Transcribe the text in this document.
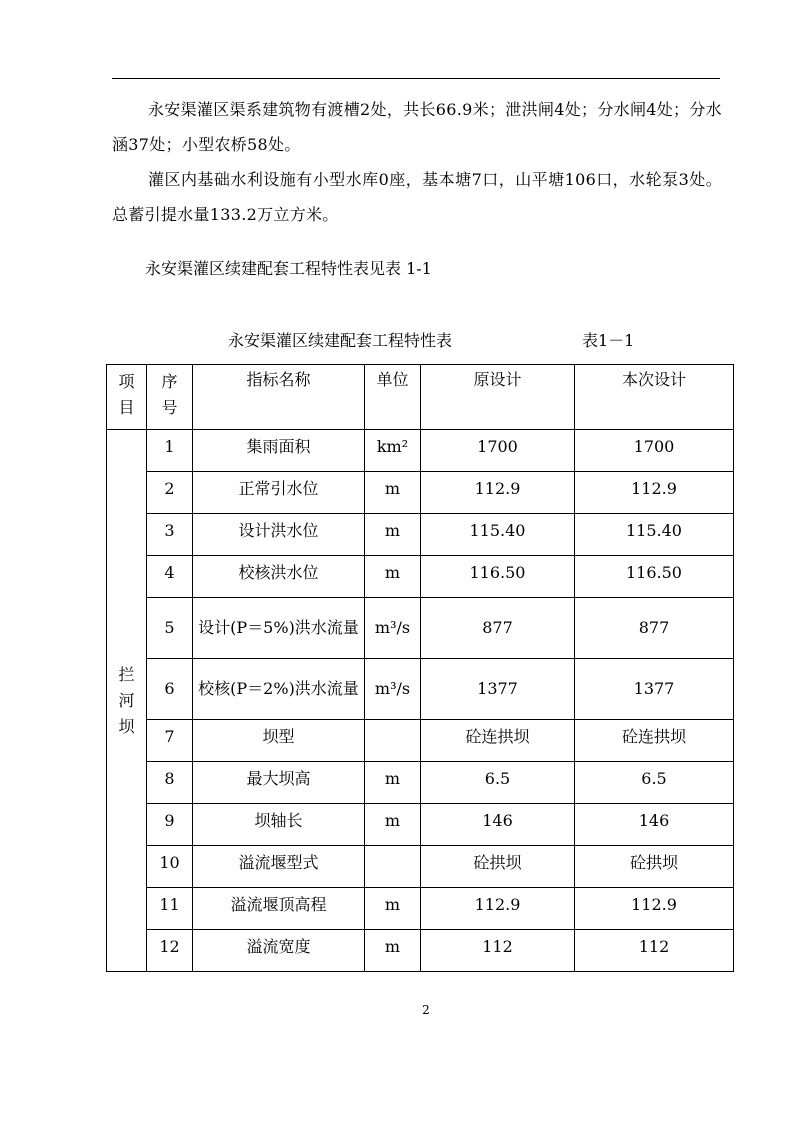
永安渠灌区渠系建筑物有渡槽2处，共长66.9米；泄洪闸4处；分水闸4处；分水涵37处；小型农桥58处。

灌区内基础水利设施有小型水库0座，基本塘7口，山平塘106口，水轮泵3处。总蓄引提水量133.2万立方米。

永安渠灌区续建配套工程特性表见表 1-1

永安渠灌区续建配套工程特性表	表1－1

项目	序号	指标名称	单位	原设计	本次设计
拦河坝	1	集雨面积	km²	1700	1700
	2	正常引水位	m	112.9	112.9
	3	设计洪水位	m	115.40	115.40
	4	校核洪水位	m	116.50	116.50
	5	设计(P＝5%)洪水流量	m³/s	877	877
	6	校核(P＝2%)洪水流量	m³/s	1377	1377
	7	坝型		砼连拱坝	砼连拱坝
	8	最大坝高	m	6.5	6.5
	9	坝轴长	m	146	146
	10	溢流堰型式		砼拱坝	砼拱坝
	11	溢流堰顶高程	m	112.9	112.9
	12	溢流宽度	m	112	112

2
